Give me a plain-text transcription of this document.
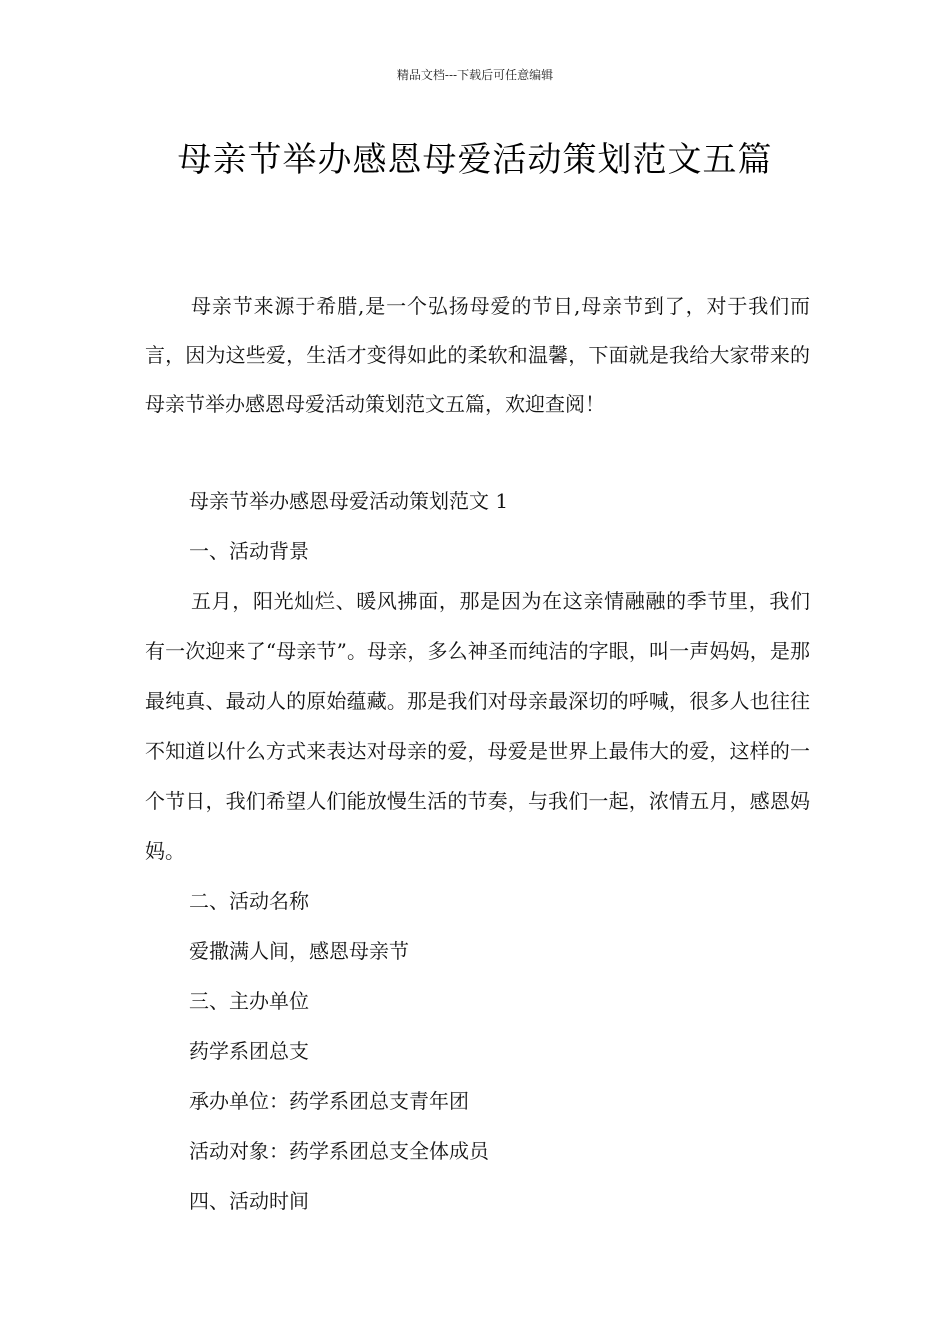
精品文档---下载后可任意编辑
母亲节举办感恩母爱活动策划范文五篇
母亲节来源于希腊,是一个弘扬母爱的节日,母亲节到了，对于我们而言，因为这些爱，生活才变得如此的柔软和温馨，下面就是我给大家带来的母亲节举办感恩母爱活动策划范文五篇，欢迎查阅！

母亲节举办感恩母爱活动策划范文 1

一、活动背景

五月，阳光灿烂、暖风拂面，那是因为在这亲情融融的季节里，我们有一次迎来了“母亲节”。母亲，多么神圣而纯洁的字眼，叫一声妈妈，是那最纯真、最动人的原始蕴藏。那是我们对母亲最深切的呼喊，很多人也往往不知道以什么方式来表达对母亲的爱，母爱是世界上最伟大的爱，这样的一个节日，我们希望人们能放慢生活的节奏，与我们一起，浓情五月，感恩妈妈。

二、活动名称

爱撒满人间，感恩母亲节

三、主办单位

药学系团总支

承办单位：药学系团总支青年团

活动对象：药学系团总支全体成员

四、活动时间
